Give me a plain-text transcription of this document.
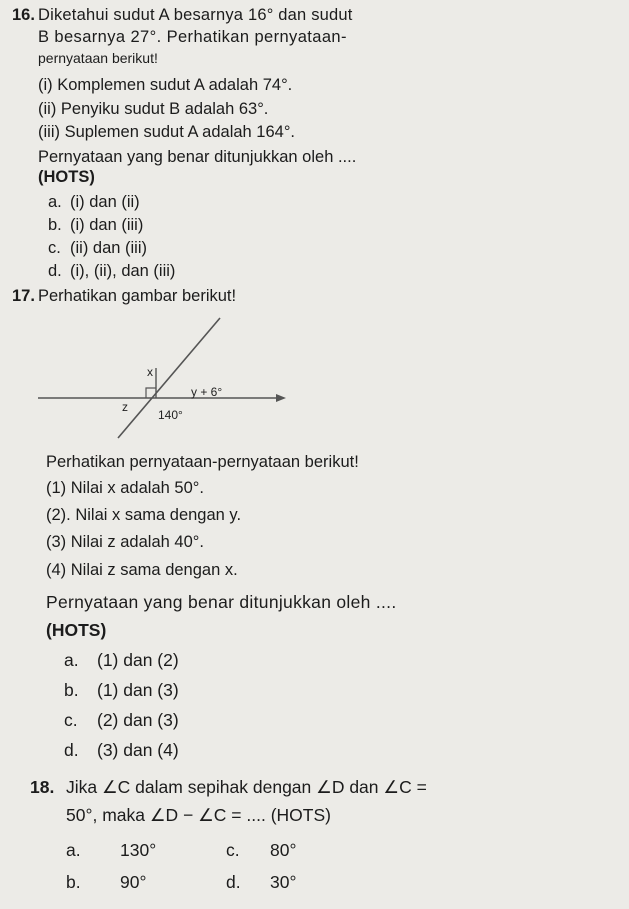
16. Diketahui sudut A besarnya 16° dan sudut
B besarnya 27°. Perhatikan pernyataan-
pernyataan berikut!
(i) Komplemen sudut A adalah 74°.
(ii) Penyiku sudut B adalah 63°.
(iii) Suplemen sudut A adalah 164°.
Pernyataan yang benar ditunjukkan oleh ....
(HOTS)
a. (i) dan (ii)
b. (i) dan (iii)
c. (ii) dan (iii)
d. (i), (ii), dan (iii)
17. Perhatikan gambar berikut!
x
y + 6°
z
140°
Perhatikan pernyataan-pernyataan berikut!
(1) Nilai x adalah 50°.
(2). Nilai x sama dengan y.
(3) Nilai z adalah 40°.
(4) Nilai z sama dengan x.
Pernyataan yang benar ditunjukkan oleh ....
(HOTS)
a. (1) dan (2)
b. (1) dan (3)
c. (2) dan (3)
d. (3) dan (4)
18. Jika ∠C dalam sepihak dengan ∠D dan ∠C =
50°, maka ∠D − ∠C = .... (HOTS)
a. 130°	c. 80°
b. 90°	d. 30°
